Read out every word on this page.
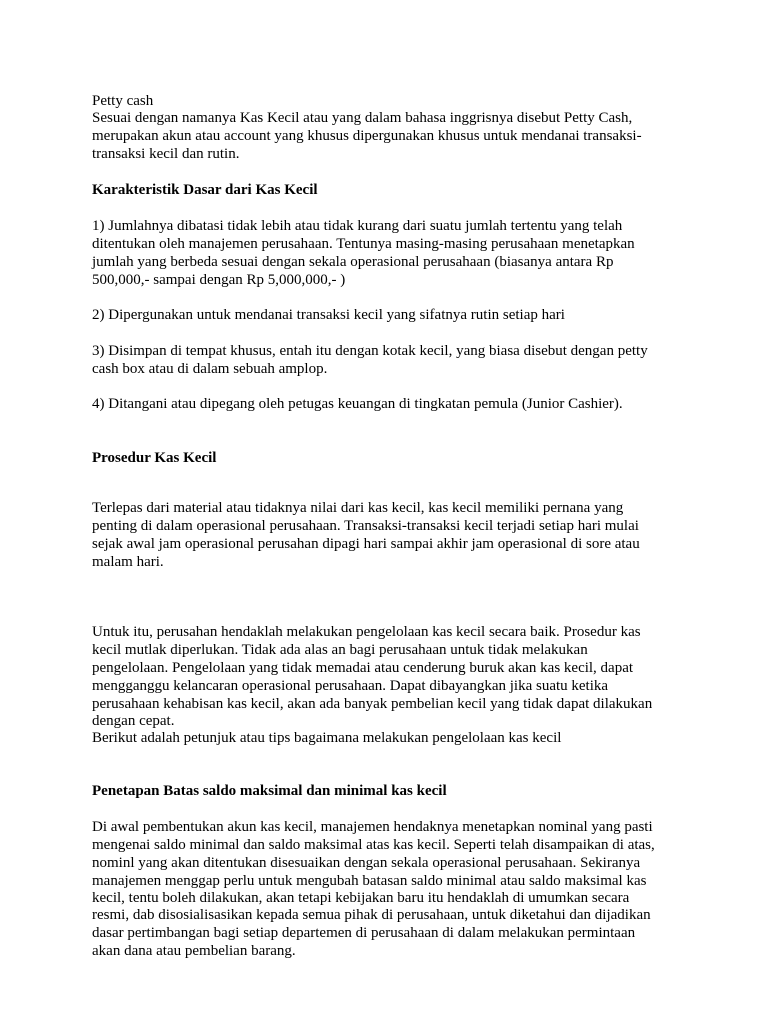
Petty cash

Sesuai dengan namanya Kas Kecil atau yang dalam bahasa inggrisnya disebut Petty Cash,

merupakan akun atau account yang khusus dipergunakan khusus untuk mendanai transaksi-

transaksi kecil dan rutin.

Karakteristik Dasar dari Kas Kecil

1) Jumlahnya dibatasi tidak lebih atau tidak kurang dari suatu jumlah tertentu yang telah

ditentukan oleh manajemen perusahaan. Tentunya masing-masing perusahaan menetapkan

jumlah yang berbeda sesuai dengan sekala operasional perusahaan (biasanya antara Rp

500,000,- sampai dengan Rp 5,000,000,- )

2) Dipergunakan untuk mendanai transaksi kecil yang sifatnya rutin setiap hari

3) Disimpan di tempat khusus, entah itu dengan kotak kecil, yang biasa disebut dengan petty

cash box atau di dalam sebuah amplop.

4) Ditangani atau dipegang oleh petugas keuangan di tingkatan pemula (Junior Cashier).

Prosedur Kas Kecil

Terlepas dari material atau tidaknya nilai dari kas kecil, kas kecil memiliki pernana yang

penting di dalam operasional perusahaan. Transaksi-transaksi kecil terjadi setiap hari mulai

sejak awal jam operasional perusahan dipagi hari sampai akhir jam operasional di sore atau

malam hari.

Untuk itu, perusahan hendaklah melakukan pengelolaan kas kecil secara baik. Prosedur kas

kecil mutlak diperlukan. Tidak ada alas an bagi perusahaan untuk tidak melakukan

pengelolaan. Pengelolaan yang tidak memadai atau cenderung buruk akan kas kecil, dapat

mengganggu kelancaran operasional perusahaan. Dapat dibayangkan jika suatu ketika

perusahaan kehabisan kas kecil, akan ada banyak pembelian kecil yang tidak dapat dilakukan

dengan cepat.

Berikut adalah petunjuk atau tips bagaimana melakukan pengelolaan kas kecil

Penetapan Batas saldo maksimal dan minimal kas kecil

Di awal pembentukan akun kas kecil, manajemen hendaknya menetapkan nominal yang pasti

mengenai saldo minimal dan saldo maksimal atas kas kecil. Seperti telah disampaikan di atas,

nominl yang akan ditentukan disesuaikan dengan sekala operasional perusahaan. Sekiranya

manajemen menggap perlu untuk mengubah batasan saldo minimal atau saldo maksimal kas

kecil, tentu boleh dilakukan, akan tetapi kebijakan baru itu hendaklah di umumkan secara

resmi, dab disosialisasikan kepada semua pihak di perusahaan, untuk diketahui dan dijadikan

dasar pertimbangan bagi setiap departemen di perusahaan di dalam melakukan permintaan

akan dana atau pembelian barang.
